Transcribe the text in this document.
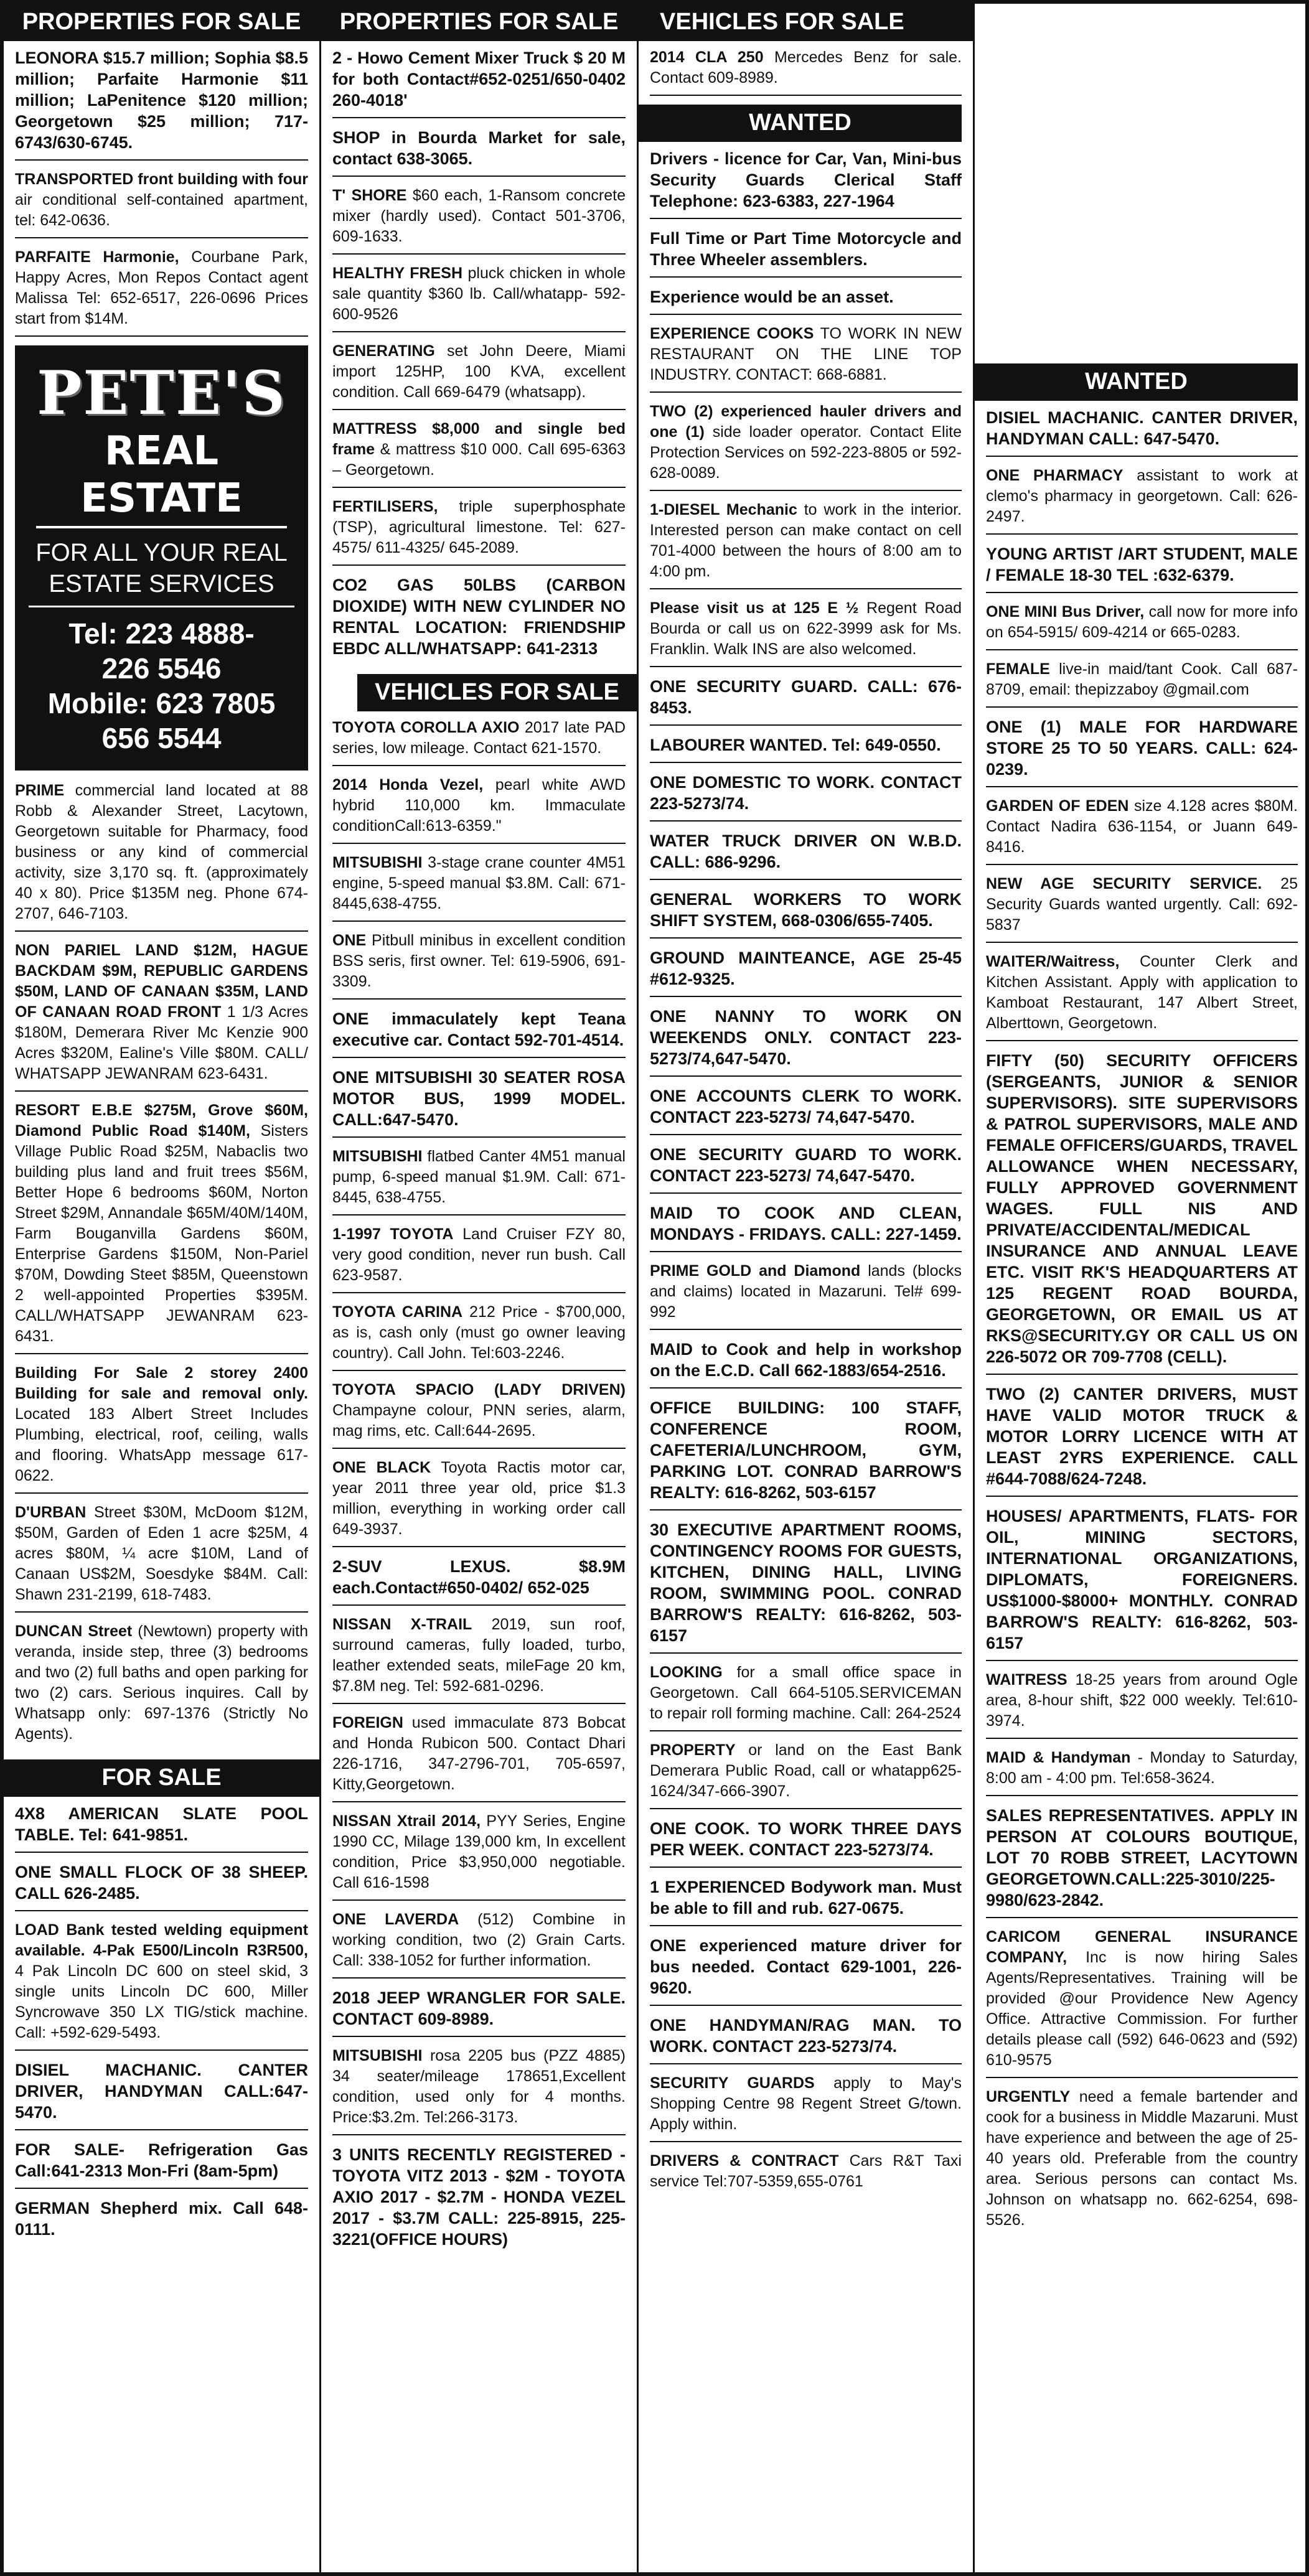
PROPERTIES FOR SALE
LEONORA $15.7 million; Sophia $8.5 million; Parfaite Harmonie $11 million; LaPenitence $120 million; Georgetown $25 million; 717-6743/630-6745.
TRANSPORTED front building with four air conditional self-contained apartment, tel: 642-0636.
PARFAITE Harmonie, Courbane Park, Happy Acres, Mon Repos Contact agent Malissa Tel: 652-6517, 226-0696 Prices start from $14M.
PETE'S
REAL ESTATE
FOR ALL YOUR REAL
ESTATE SERVICES
Tel: 223 4888-
226 5546
Mobile: 623 7805
656 5544
PRIME commercial land located at 88 Robb & Alexander Street, Lacytown, Georgetown suitable for Pharmacy, food business or any kind of commercial activity, size 3,170 sq. ft. (approximately 40 x 80). Price $135M neg. Phone 674-2707, 646-7103.
NON PARIEL LAND $12M, HAGUE BACKDAM $9M, REPUBLIC GARDENS $50M, LAND OF CANAAN $35M, LAND OF CANAAN ROAD FRONT 1 1/3 Acres $180M, Demerara River Mc Kenzie 900 Acres $320M, Ealine's Ville $80M. CALL/ WHATSAPP JEWANRAM 623-6431.
RESORT E.B.E $275M, Grove $60M, Diamond Public Road $140M, Sisters Village Public Road $25M, Nabaclis two building plus land and fruit trees $56M, Better Hope 6 bedrooms $60M, Norton Street $29M, Annandale $65M/40M/140M, Farm Bouganvilla Gardens $60M, Enterprise Gardens $150M, Non-Pariel $70M, Dowding Steet $85M, Queenstown 2 well-appointed Properties $395M. CALL/WHATSAPP JEWANRAM 623-6431.
Building For Sale 2 storey 2400 Building for sale and removal only. Located 183 Albert Street Includes Plumbing, electrical, roof, ceiling, walls and flooring. WhatsApp message 617-0622.
D'URBAN Street $30M, McDoom $12M, $50M, Garden of Eden 1 acre $25M, 4 acres $80M, ¼ acre $10M, Land of Canaan US$2M, Soesdyke $84M. Call: Shawn 231-2199, 618-7483.
DUNCAN Street (Newtown) property with veranda, inside step, three (3) bedrooms and two (2) full baths and open parking for two (2) cars. Serious inquires. Call by Whatsapp only: 697-1376 (Strictly No Agents).
FOR SALE
4X8 AMERICAN SLATE POOL TABLE. Tel: 641-9851.
ONE SMALL FLOCK OF 38 SHEEP. CALL 626-2485.
LOAD Bank tested welding equipment available. 4-Pak E500/Lincoln R3R500, 4 Pak Lincoln DC 600 on steel skid, 3 single units Lincoln DC 600, Miller Syncrowave 350 LX TIG/stick machine. Call: +592-629-5493.
DISIEL MACHANIC. CANTER DRIVER, HANDYMAN CALL:647-5470.
FOR SALE- Refrigeration Gas Call:641-2313 Mon-Fri (8am-5pm)
GERMAN Shepherd mix. Call 648-0111.
PROPERTIES FOR SALE
2 - Howo Cement Mixer Truck $ 20 M for both Contact#652-0251/650-0402 260-4018'
SHOP in Bourda Market for sale, contact 638-3065.
T' SHORE $60 each, 1-Ransom concrete mixer (hardly used). Contact 501-3706, 609-1633.
HEALTHY FRESH pluck chicken in whole sale quantity $360 lb. Call/whatapp- 592-600-9526
GENERATING set John Deere, Miami import 125HP, 100 KVA, excellent condition. Call 669-6479 (whatsapp).
MATTRESS $8,000 and single bed frame & mattress $10 000. Call 695-6363 – Georgetown.
FERTILISERS, triple superphosphate (TSP), agricultural limestone. Tel: 627-4575/ 611-4325/ 645-2089.
CO2 GAS 50LBS (CARBON DIOXIDE) WITH NEW CYLINDER NO RENTAL LOCATION: FRIENDSHIP EBDC ALL/WHATSAPP: 641-2313
VEHICLES FOR SALE
TOYOTA COROLLA AXIO 2017 late PAD series, low mileage. Contact 621-1570.
2014 Honda Vezel, pearl white AWD hybrid 110,000 km. Immaculate conditionCall:613-6359."
MITSUBISHI 3-stage crane counter 4M51 engine, 5-speed manual $3.8M. Call: 671-8445,638-4755.
ONE Pitbull minibus in excellent condition BSS seris, first owner. Tel: 619-5906, 691-3309.
ONE immaculately kept Teana executive car. Contact 592-701-4514.
ONE MITSUBISHI 30 SEATER ROSA MOTOR BUS, 1999 MODEL. CALL:647-5470.
MITSUBISHI flatbed Canter 4M51 manual pump, 6-speed manual $1.9M. Call: 671-8445, 638-4755.
1-1997 TOYOTA Land Cruiser FZY 80, very good condition, never run bush. Call 623-9587.
TOYOTA CARINA 212 Price - $700,000, as is, cash only (must go owner leaving country). Call John. Tel:603-2246.
TOYOTA SPACIO (LADY DRIVEN) Champayne colour, PNN series, alarm, mag rims, etc. Call:644-2695.
ONE BLACK Toyota Ractis motor car, year 2011 three year old, price $1.3 million, everything in working order call 649-3937.
2-SUV LEXUS. $8.9M each.Contact#650-0402/ 652-025
NISSAN X-TRAIL 2019, sun roof, surround cameras, fully loaded, turbo, leather extended seats, mileFage 20 km, $7.8M neg. Tel: 592-681-0296.
FOREIGN used immaculate 873 Bobcat and Honda Rubicon 500. Contact Dhari 226-1716, 347-2796-701, 705-6597, Kitty,Georgetown.
NISSAN Xtrail 2014, PYY Series, Engine 1990 CC, Milage 139,000 km, In excellent condition, Price $3,950,000 negotiable. Call 616-1598
ONE LAVERDA (512) Combine in working condition, two (2) Grain Carts. Call: 338-1052 for further information.
2018 JEEP WRANGLER FOR SALE. CONTACT 609-8989.
MITSUBISHI rosa 2205 bus (PZZ 4885) 34 seater/mileage 178651,Excellent condition, used only for 4 months. Price:$3.2m. Tel:266-3173.
3 UNITS RECENTLY REGISTERED - TOYOTA VITZ 2013 - $2M - TOYOTA AXIO 2017 - $2.7M - HONDA VEZEL 2017 - $3.7M CALL: 225-8915, 225-3221(OFFICE HOURS)
VEHICLES FOR SALE
2014 CLA 250 Mercedes Benz for sale. Contact 609-8989.
WANTED
Drivers - licence for Car, Van, Mini-bus Security Guards Clerical Staff Telephone: 623-6383, 227-1964
Full Time or Part Time Motorcycle and Three Wheeler assemblers.
Experience would be an asset.
EXPERIENCE COOKS TO WORK IN NEW RESTAURANT ON THE LINE TOP INDUSTRY. CONTACT: 668-6881.
TWO (2) experienced hauler drivers and one (1) side loader operator. Contact Elite Protection Services on 592-223-8805 or 592-628-0089.
1-DIESEL Mechanic to work in the interior. Interested person can make contact on cell 701-4000 between the hours of 8:00 am to 4:00 pm.
Please visit us at 125 E ½ Regent Road Bourda or call us on 622-3999 ask for Ms. Franklin. Walk INS are also welcomed.
ONE SECURITY GUARD. CALL: 676-8453.
LABOURER WANTED. Tel: 649-0550.
ONE DOMESTIC TO WORK. CONTACT 223-5273/74.
WATER TRUCK DRIVER ON W.B.D. CALL: 686-9296.
GENERAL WORKERS TO WORK SHIFT SYSTEM, 668-0306/655-7405.
GROUND MAINTEANCE, AGE 25-45 #612-9325.
ONE NANNY TO WORK ON WEEKENDS ONLY. CONTACT 223-5273/74,647-5470.
ONE ACCOUNTS CLERK TO WORK. CONTACT 223-5273/ 74,647-5470.
ONE SECURITY GUARD TO WORK. CONTACT 223-5273/ 74,647-5470.
MAID TO COOK AND CLEAN, MONDAYS - FRIDAYS. CALL: 227-1459.
PRIME GOLD and Diamond lands (blocks and claims) located in Mazaruni. Tel# 699-992
MAID to Cook and help in workshop on the E.C.D. Call 662-1883/654-2516.
OFFICE BUILDING: 100 STAFF, CONFERENCE ROOM, CAFETERIA/LUNCHROOM, GYM, PARKING LOT. CONRAD BARROW'S REALTY: 616-8262, 503-6157
30 EXECUTIVE APARTMENT ROOMS, CONTINGENCY ROOMS FOR GUESTS, KITCHEN, DINING HALL, LIVING ROOM, SWIMMING POOL. CONRAD BARROW'S REALTY: 616-8262, 503-6157
LOOKING for a small office space in Georgetown. Call 664-5105.SERVICEMAN to repair roll forming machine. Call: 264-2524
PROPERTY or land on the East Bank Demerara Public Road, call or whatapp625-1624/347-666-3907.
ONE COOK. TO WORK THREE DAYS PER WEEK. CONTACT 223-5273/74.
1 EXPERIENCED Bodywork man. Must be able to fill and rub. 627-0675.
ONE experienced mature driver for bus needed. Contact 629-1001, 226-9620.
ONE HANDYMAN/RAG MAN. TO WORK. CONTACT 223-5273/74.
SECURITY GUARDS apply to May's Shopping Centre 98 Regent Street G/town. Apply within.
DRIVERS & CONTRACT Cars R&T Taxi service Tel:707-5359,655-0761
WANTED
DISIEL MACHANIC. CANTER DRIVER, HANDYMAN CALL: 647-5470.
ONE PHARMACY assistant to work at clemo's pharmacy in georgetown. Call: 626-2497.
YOUNG ARTIST /ART STUDENT, MALE / FEMALE 18-30 TEL :632-6379.
ONE MINI Bus Driver, call now for more info on 654-5915/ 609-4214 or 665-0283.
FEMALE live-in maid/tant Cook. Call 687-8709, email: thepizzaboy @gmail.com
ONE (1) MALE FOR HARDWARE STORE 25 TO 50 YEARS. CALL: 624-0239.
GARDEN OF EDEN size 4.128 acres $80M. Contact Nadira 636-1154, or Juann 649-8416.
NEW AGE SECURITY SERVICE. 25 Security Guards wanted urgently. Call: 692-5837
WAITER/Waitress, Counter Clerk and Kitchen Assistant. Apply with application to Kamboat Restaurant, 147 Albert Street, Alberttown, Georgetown.
FIFTY (50) SECURITY OFFICERS (SERGEANTS, JUNIOR & SENIOR SUPERVISORS). SITE SUPERVISORS & PATROL SUPERVISORS, MALE AND FEMALE OFFICERS/GUARDS, TRAVEL ALLOWANCE WHEN NECESSARY, FULLY APPROVED GOVERNMENT WAGES. FULL NIS AND PRIVATE/ACCIDENTAL/MEDICAL INSURANCE AND ANNUAL LEAVE ETC. VISIT RK'S HEADQUARTERS AT 125 REGENT ROAD BOURDA, GEORGETOWN, OR EMAIL US AT RKS@SECURITY.GY OR CALL US ON 226-5072 OR 709-7708 (CELL).
TWO (2) CANTER DRIVERS, MUST HAVE VALID MOTOR TRUCK & MOTOR LORRY LICENCE WITH AT LEAST 2YRS EXPERIENCE. CALL #644-7088/624-7248.
HOUSES/ APARTMENTS, FLATS- FOR OIL, MINING SECTORS, INTERNATIONAL ORGANIZATIONS, DIPLOMATS, FOREIGNERS. US$1000-$8000+ MONTHLY. CONRAD BARROW'S REALTY: 616-8262, 503-6157
WAITRESS 18-25 years from around Ogle area, 8-hour shift, $22 000 weekly. Tel:610-3974.
MAID & Handyman - Monday to Saturday, 8:00 am - 4:00 pm. Tel:658-3624.
SALES REPRESENTATIVES. APPLY IN PERSON AT COLOURS BOUTIQUE, LOT 70 ROBB STREET, LACYTOWN GEORGETOWN.CALL:225-3010/225-9980/623-2842.
CARICOM GENERAL INSURANCE COMPANY, Inc is now hiring Sales Agents/Representatives. Training will be provided @our Providence New Agency Office. Attractive Commission. For further details please call (592) 646-0623 and (592) 610-9575
URGENTLY need a female bartender and cook for a business in Middle Mazaruni. Must have experience and between the age of 25-40 years old. Preferable from the country area. Serious persons can contact Ms. Johnson on whatsapp no. 662-6254, 698-5526.
